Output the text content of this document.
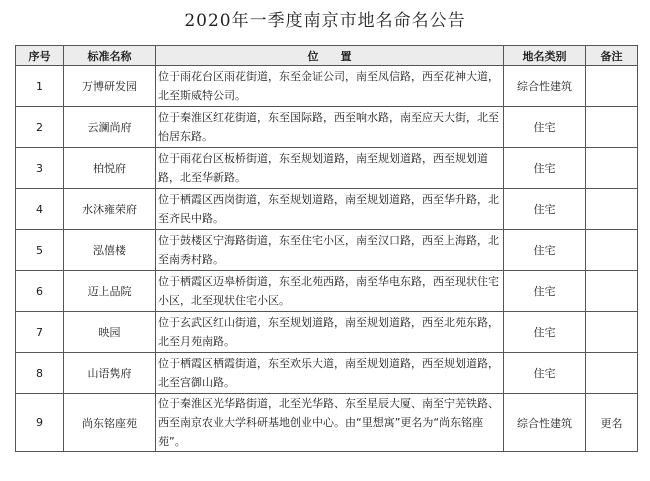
2020年一季度南京市地名命名公告
序号	标准名称	位　　置	地名类别	备注
1	万博研发园	位于雨花台区雨花街道，东至金证公司，南至凤信路，西至花神大道，北至斯威特公司。	综合性建筑	
2	云澜尚府	位于秦淮区红花街道，东至国际路，西至响水路，南至应天大街，北至怡居东路。	住宅	
3	柏悦府	位于雨花台区板桥街道，东至规划道路，南至规划道路，西至规划道路，北至华新路。	住宅	
4	水沐雍荣府	位于栖霞区西岗街道，东至规划道路，南至规划道路，西至华升路，北至齐民中路。	住宅	
5	泓僖楼	位于鼓楼区宁海路街道，东至住宅小区，南至汉口路，西至上海路，北至南秀村路。	住宅	
6	迈上品院	位于栖霞区迈皋桥街道，东至北苑西路，南至华电东路，西至现状住宅小区，北至现状住宅小区。	住宅	
7	映园	位于玄武区红山街道，东至规划道路，南至规划道路，西至北苑东路，北至月苑南路。	住宅	
8	山语隽府	位于栖霞区栖霞街道，东至欢乐大道，南至规划道路，西至规划道路，北至宫御山路。	住宅	
9	尚东铭座苑	位于秦淮区光华路街道，北至光华路、东至星辰大厦、南至宁芜铁路、西至南京农业大学科研基地创业中心。由“里想寓”更名为“尚东铭座苑”。	综合性建筑	更名
